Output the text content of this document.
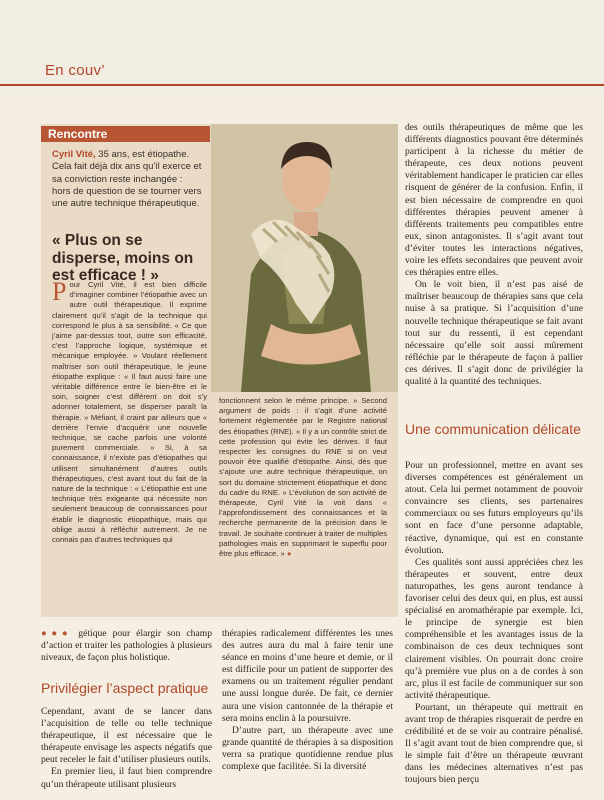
En couv’
Rencontre
Cyril Vité, 35 ans, est étiopathe. Cela fait déjà dix ans qu’il exerce et sa conviction reste inchangée : hors de question de se tourner vers une autre technique thérapeutique.
« Plus on se disperse, moins on est efficace ! »
Pour Cyril Vité, il est bien difficile d’imaginer combiner l’étiopathie avec un autre outil thérapeutique. Il exprime clairement qu’il s’agit de la technique qui correspond le plus à sa sensibilité. « Ce que j’aime par-dessus tout, outre son efficacité, c’est l’approche logique, systémique et mécanique employée. » Voulant réellement maîtriser son outil thérapeutique, le jeune étiopathe explique : « Il faut aussi faire une véritable différence entre le bien-être et le soin, soigner c’est différent on doit s’y adonner totalement, se disperser paraît la thérapie. » Méfiant, il craint par ailleurs que « derrière l’envie d’acquérir une nouvelle technique, se cache parfois une volonté purement commerciale. » Si, à sa connaissance, il n’existe pas d’étiopathes qui utilisent simultanément d’autres outils thérapeutiques, c’est avant tout du fait de la nature de la technique : « L’étiopathie est une technique très exigeante qui nécessite non seulement beaucoup de connaissances pour établir le diagnostic étiopathique, mais qui oblige aussi à réfléchir autrement. Je ne connais pas d’autres techniques qui
fonctionnent selon le même principe. » Second argument de poids : il s’agit d’une activité fortement réglementée par le Registre national des étiopathes (RNE). « Il y a un contrôle strict de cette profession qui évite les dérives. Il faut respecter les consignes du RNE si on veut pouvoir être qualifié d’étiopathe. Ainsi, dès que s’ajoute une autre technique thérapeutique, on sort du domaine strictement étiopathique et donc du cadre du RNE. » L’évolution de son activité de thérapeute, Cyril Vité la voit dans « l’approfondissement des connaissances et la recherche permanente de la précision dans le travail. Je souhaite continuer à traiter de multiples pathologies mais en supprimant le superflu pour être plus efficace. » ●

●●● gétique pour élargir son champ d’action et traiter les pathologies à plusieurs niveaux, de façon plus holistique.

Privilégier l’aspect pratique

Cependant, avant de se lancer dans l’acquisition de telle ou telle technique thérapeutique, il est nécessaire que le thérapeute envisage les aspects négatifs que peut receler le fait d’utiliser plusieurs outils.

En premier lieu, il faut bien comprendre qu’un thérapeute utilisant plusieurs

thérapies radicalement différentes les unes des autres aura du mal à faire tenir une séance en moins d’une heure et demie, or il est difficile pour un patient de supporter des examens ou un traitement régulier pendant une aussi longue durée. De fait, ce dernier aura une vision cantonnée de la thérapie et sera moins enclin à la poursuivre.

D’autre part, un thérapeute avec une grande quantité de thérapies à sa disposition verra sa pratique quotidienne rendue plus complexe que facilitée. Si la diversité

des outils thérapeutiques de même que les différents diagnostics pouvant être déterminés participent à la richesse du métier de thérapeute, ces deux notions peuvent véritablement handicaper le praticien car elles risquent de générer de la confusion. Enfin, il est bien nécessaire de comprendre en quoi différentes thérapies peuvent amener à différents traitements peu compatibles entre eux, sinon antagonistes. Il s’agit avant tout d’éviter toutes les interactions négatives, voire les effets secondaires que peuvent avoir ces thérapies entre elles.

On le voit bien, il n’est pas aisé de maîtriser beaucoup de thérapies sans que cela nuise à sa pratique. Si l’acquisition d’une nouvelle technique thérapeutique se fait avant tout sur du ressenti, il est cependant nécessaire qu’elle soit aussi mûrement réfléchie par le thérapeute de façon à pallier ces dérives. Il s’agit donc de privilégier la qualité à la quantité des techniques.

Une communication délicate

Pour un professionnel, mettre en avant ses diverses compétences est généralement un atout. Cela lui permet notamment de pouvoir convaincre ses clients, ses partenaires commerciaux ou ses futurs employeurs qu’ils sont en face d’une personne adaptable, réactive, dynamique, qui est en constante évolution.

Ces qualités sont aussi appréciées chez les thérapeutes et souvent, entre deux naturopathes, les gens auront tendance à favoriser celui des deux qui, en plus, est aussi spécialisé en aromathérapie par exemple. Ici, le principe de synergie est bien compréhensible et les avantages issus de la combinaison de ces deux techniques sont clairement visibles. On pourrait donc croire qu’à première vue plus on a de cordes à son arc, plus il est facile de communiquer sur son activité thérapeutique.

Pourtant, un thérapeute qui mettrait en avant trop de thérapies risquerait de perdre en crédibilité et de se voir au contraire pénalisé. Il s’agit avant tout de bien comprendre que, si le simple fait d’être un thérapeute œuvrant dans les médecines alternatives n’est pas toujours bien perçu
